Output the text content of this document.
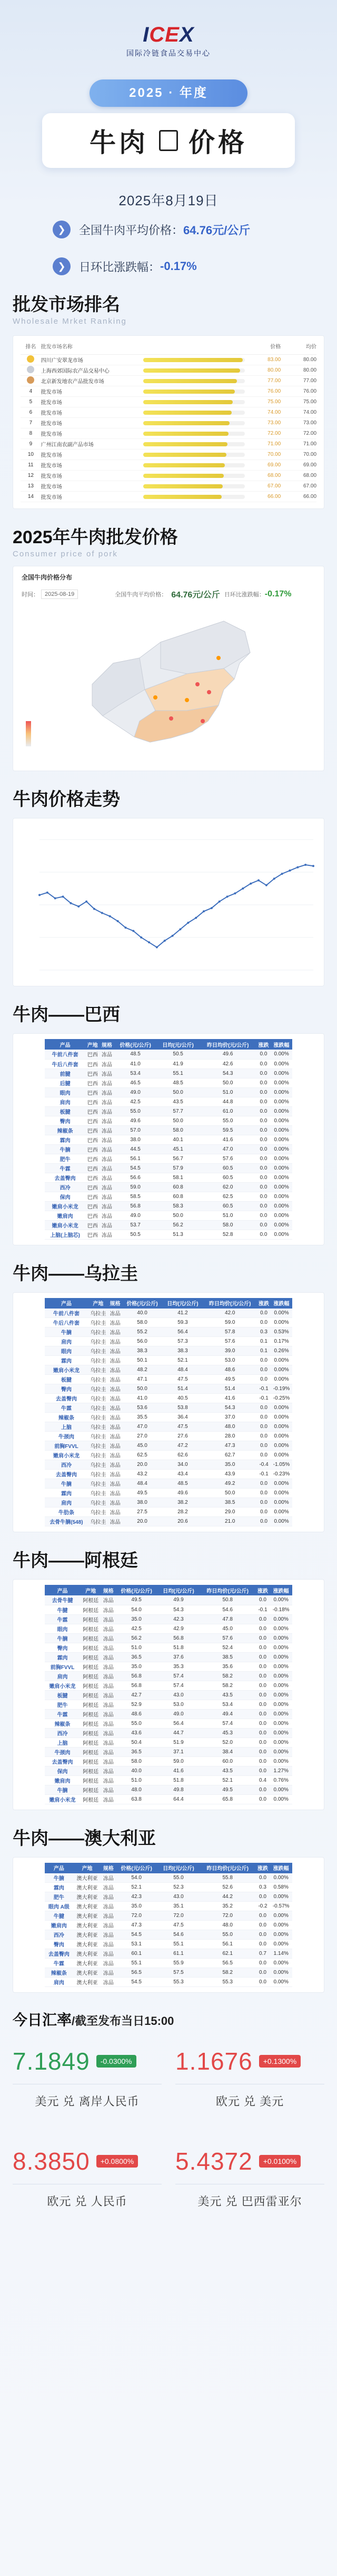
ICEX
国际冷链食品交易中心
2025 · 年度
牛肉 价格
2025年8月19日
❯	全国牛肉平均价格： 64.76元/公斤
❯	日环比涨跌幅： -0.17%
批发市场排名
Wholesale Mrket Ranking
排名 批发市场名称	价格	均价
四川广安翠龙市场	83.00	80.00
上海西郊国际农产品交易中心	80.00	80.00
北京新发地农产品批发市场	77.00	77.00
4	批发市场	76.00	76.00
5	批发市场	75.00	75.00
6	批发市场	74.00	74.00
7	批发市场	73.00	73.00
8	批发市场	72.00	72.00
9	广州江南农副产品市场	71.00	71.00
10	批发市场	70.00	70.00
11	批发市场	69.00	69.00
12	批发市场	68.00	68.00
13	批发市场	67.00	67.00
14	批发市场	66.00	66.00
2025年牛肉批发价格
Consumer price of pork
全国牛肉价格分布
时间：	2025-08-19	全国牛肉平均价格： 64.76元/公斤 日环比涨跌幅： -0.17%
牛肉价格走势
牛肉——巴西
产品	产地	规格	价格(元/公斤)	日均(元/公斤)	昨日均价(元/公斤)	涨跌	涨跌幅
牛前八件套	巴西	冻品	48.5	50.5	49.6	0.0	0.00%
牛后八件套	巴西	冻品	41.0	41.9	42.6	0.0	0.00%
前腱	巴西	冻品	53.4	55.1	54.3	0.0	0.00%
后腱	巴西	冻品	46.5	48.5	50.0	0.0	0.00%
眼肉	巴西	冻品	49.0	50.0	51.0	0.0	0.00%
肩肉	巴西	冻品	42.5	43.5	44.8	0.0	0.00%
板腱	巴西	冻品	55.0	57.7	61.0	0.0	0.00%
臀肉	巴西	冻品	49.6	50.0	55.0	0.0	0.00%
辣椒条	巴西	冻品	57.0	58.0	59.5	0.0	0.00%
霖肉	巴西	冻品	38.0	40.1	41.6	0.0	0.00%
牛腩	巴西	冻品	44.5	45.1	47.0	0.0	0.00%
肥牛	巴西	冻品	56.1	56.7	57.6	0.0	0.00%
牛霖	巴西	冻品	54.5	57.9	60.5	0.0	0.00%
去盖臀肉	巴西	冻品	56.6	58.1	60.5	0.0	0.00%
西冷	巴西	冻品	59.0	60.8	62.0	0.0	0.00%
保肉	巴西	冻品	58.5	60.8	62.5	0.0	0.00%
嫩肩小米龙	巴西	冻品	56.8	58.3	60.5	0.0	0.00%
嫩肩肉	巴西	冻品	49.0	50.0	51.0	0.0	0.00%
嫩肩小米龙	巴西	冻品	53.7	56.2	58.0	0.0	0.00%
上脑(上脑芯)	巴西	冻品	50.5	51.3	52.8	0.0	0.00%
牛肉——乌拉圭
产品	产地	规格	价格(元/公斤)	日均(元/公斤)	昨日均价(元/公斤)	涨跌	涨跌幅
牛前八件套	乌拉圭	冻品	40.0	41.2	42.0	0.0	0.00%
牛后八件套	乌拉圭	冻品	58.0	59.3	59.0	0.0	0.00%
牛腩	乌拉圭	冻品	55.2	56.4	57.8	0.3	0.53%
肩肉	乌拉圭	冻品	56.0	57.3	57.6	0.1	0.17%
眼肉	乌拉圭	冻品	38.3	38.3	39.0	0.1	0.26%
霖肉	乌拉圭	冻品	50.1	52.1	53.0	0.0	0.00%
嫩肩小米龙	乌拉圭	冻品	48.2	48.4	48.6	0.0	0.00%
板腱	乌拉圭	冻品	47.1	47.5	49.5	0.0	0.00%
臀肉	乌拉圭	冻品	50.0	51.4	51.4	-0.1	-0.19%
去盖臀肉	乌拉圭	冻品	41.0	40.5	41.6	-0.1	-0.25%
牛霖	乌拉圭	冻品	53.6	53.8	54.3	0.0	0.00%
辣椒条	乌拉圭	冻品	35.5	36.4	37.0	0.0	0.00%
上脑	乌拉圭	冻品	47.0	47.5	48.0	0.0	0.00%
牛颈肉	乌拉圭	冻品	27.0	27.6	28.0	0.0	0.00%
前胸FVVL	乌拉圭	冻品	45.0	47.2	47.3	0.0	0.00%
嫩肩小米龙	乌拉圭	冻品	62.5	62.6	62.7	0.0	0.00%
西冷	乌拉圭	冻品	20.0	34.0	35.0	-0.4	-1.05%
去盖臀肉	乌拉圭	冻品	43.2	43.4	43.9	-0.1	-0.23%
牛腩	乌拉圭	冻品	48.4	48.5	49.2	0.0	0.00%
霖肉	乌拉圭	冻品	49.5	49.6	50.0	0.0	0.00%
肩肉	乌拉圭	冻品	38.0	38.2	38.5	0.0	0.00%
牛肋条	乌拉圭	冻品	27.5	28.2	29.0	0.0	0.00%
去骨牛腩(548)	乌拉圭	冻品	20.0	20.6	21.0	0.0	0.00%
牛肉——阿根廷
产品	产地	规格	价格(元/公斤)	日均(元/公斤)	昨日均价(元/公斤)	涨跌	涨跌幅
去骨牛腱	阿根廷	冻品	49.5	49.9	50.8	0.0	0.00%
牛腱	阿根廷	冻品	54.0	54.3	54.6	-0.1	-0.18%
牛霖	阿根廷	冻品	35.0	42.3	47.8	0.0	0.00%
眼肉	阿根廷	冻品	42.5	42.9	45.0	0.0	0.00%
牛腩	阿根廷	冻品	56.2	56.8	57.6	0.0	0.00%
臀肉	阿根廷	冻品	51.0	51.8	52.4	0.0	0.00%
霖肉	阿根廷	冻品	36.5	37.6	38.5	0.0	0.00%
前胸FVVL	阿根廷	冻品	35.0	35.3	35.6	0.0	0.00%
肩肉	阿根廷	冻品	56.8	57.4	58.2	0.0	0.00%
嫩肩小米龙	阿根廷	冻品	56.8	57.4	58.2	0.0	0.00%
板腱	阿根廷	冻品	42.7	43.0	43.5	0.0	0.00%
肥牛	阿根廷	冻品	52.9	53.0	53.4	0.0	0.00%
牛霖	阿根廷	冻品	48.6	49.0	49.4	0.0	0.00%
辣椒条	阿根廷	冻品	55.0	56.4	57.4	0.0	0.00%
西冷	阿根廷	冻品	43.6	44.7	45.3	0.0	0.00%
上脑	阿根廷	冻品	50.4	51.9	52.0	0.0	0.00%
牛颈肉	阿根廷	冻品	36.5	37.1	38.4	0.0	0.00%
去盖臀肉	阿根廷	冻品	58.0	59.0	60.0	0.0	0.00%
保肉	阿根廷	冻品	40.0	41.6	43.5	0.0	1.27%
嫩肩肉	阿根廷	冻品	51.0	51.8	52.1	0.4	0.76%
牛腩	阿根廷	冻品	48.0	49.8	49.5	0.0	0.00%
嫩肩小米龙	阿根廷	冻品	63.8	64.4	65.8	0.0	0.00%
牛肉——澳大利亚
产品	产地	规格	价格(元/公斤)	日均(元/公斤)	昨日均价(元/公斤)	涨跌	涨跌幅
牛腩	澳大利亚	冻品	54.0	55.0	55.8	0.0	0.00%
霖肉	澳大利亚	冻品	52.1	52.3	52.6	0.3	0.58%
肥牛	澳大利亚	冻品	42.3	43.0	44.2	0.0	0.00%
眼肉 A级	澳大利亚	冻品	35.0	35.1	35.2	-0.2	-0.57%
牛腱	澳大利亚	冻品	72.0	72.0	72.0	0.0	0.00%
嫩肩肉	澳大利亚	冻品	47.3	47.5	48.0	0.0	0.00%
西冷	澳大利亚	冻品	54.5	54.6	55.0	0.0	0.00%
臀肉	澳大利亚	冻品	53.1	55.1	56.1	0.0	0.00%
去盖臀肉	澳大利亚	冻品	60.1	61.1	62.1	0.7	1.14%
牛霖	澳大利亚	冻品	55.1	55.9	56.5	0.0	0.00%
辣椒条	澳大利亚	冻品	56.5	57.5	58.2	0.0	0.00%
肩肉	澳大利亚	冻品	54.5	55.3	55.3	0.0	0.00%
今日汇率/截至发布当日15:00
7.1849	-0.0300%
美元 兑 离岸人民币
1.1676	+0.1300%
欧元 兑 美元
8.3850	+0.0800%
欧元 兑 人民币
5.4372	+0.0100%
美元 兑 巴西雷亚尔
